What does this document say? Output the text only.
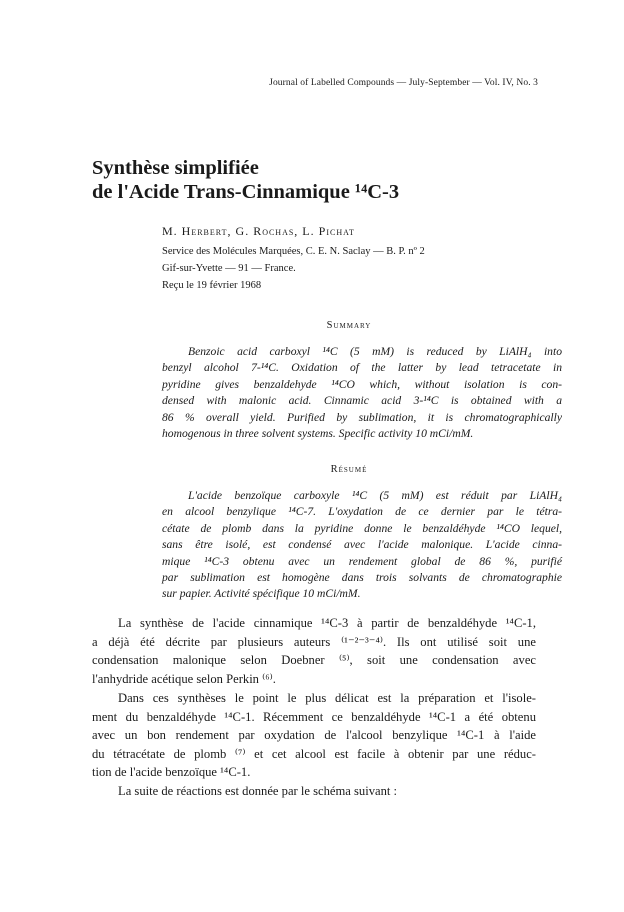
Journal of Labelled Compounds — July-September — Vol. IV, No. 3
Synthèse simplifiée
de l'Acide Trans-Cinnamique ¹⁴C-3
M. Herbert, G. Rochas, L. Pichat
Service des Molécules Marquées, C. E. N. Saclay — B. P. nº 2
Gif-sur-Yvette — 91 — France.
Reçu le 19 février 1968
Summary

Benzoic acid carboxyl ¹⁴C (5 mM) is reduced by LiAlH₄ into
benzyl alcohol 7-¹⁴C. Oxidation of the latter by lead tetracetate in
pyridine gives benzaldehyde ¹⁴CO which, without isolation is con-
densed with malonic acid. Cinnamic acid 3-¹⁴C is obtained with a
86 % overall yield. Purified by sublimation, it is chromatographically
homogenous in three solvent systems. Specific activity 10 mCi/mM.

Résumé

L'acide benzoïque carboxyle ¹⁴C (5 mM) est réduit par LiAlH₄
en alcool benzylique ¹⁴C-7. L'oxydation de ce dernier par le tétra-
cétate de plomb dans la pyridine donne le benzaldéhyde ¹⁴CO lequel,
sans être isolé, est condensé avec l'acide malonique. L'acide cinna-
mique ¹⁴C-3 obtenu avec un rendement global de 86 %, purifié
par sublimation est homogène dans trois solvants de chromatographie
sur papier. Activité spécifique 10 mCi/mM.

La synthèse de l'acide cinnamique ¹⁴C-3 à partir de benzaldéhyde ¹⁴C-1,
a déjà été décrite par plusieurs auteurs ⁽¹⁻²⁻³⁻⁴⁾. Ils ont utilisé soit une
condensation malonique selon Doebner ⁽⁵⁾, soit une condensation avec
l'anhydride acétique selon Perkin ⁽⁶⁾.

Dans ces synthèses le point le plus délicat est la préparation et l'isole-
ment du benzaldéhyde ¹⁴C-1. Récemment ce benzaldéhyde ¹⁴C-1 a été obtenu
avec un bon rendement par oxydation de l'alcool benzylique ¹⁴C-1 à l'aide
du tétracétate de plomb ⁽⁷⁾ et cet alcool est facile à obtenir par une réduc-
tion de l'acide benzoïque ¹⁴C-1.

La suite de réactions est donnée par le schéma suivant :
